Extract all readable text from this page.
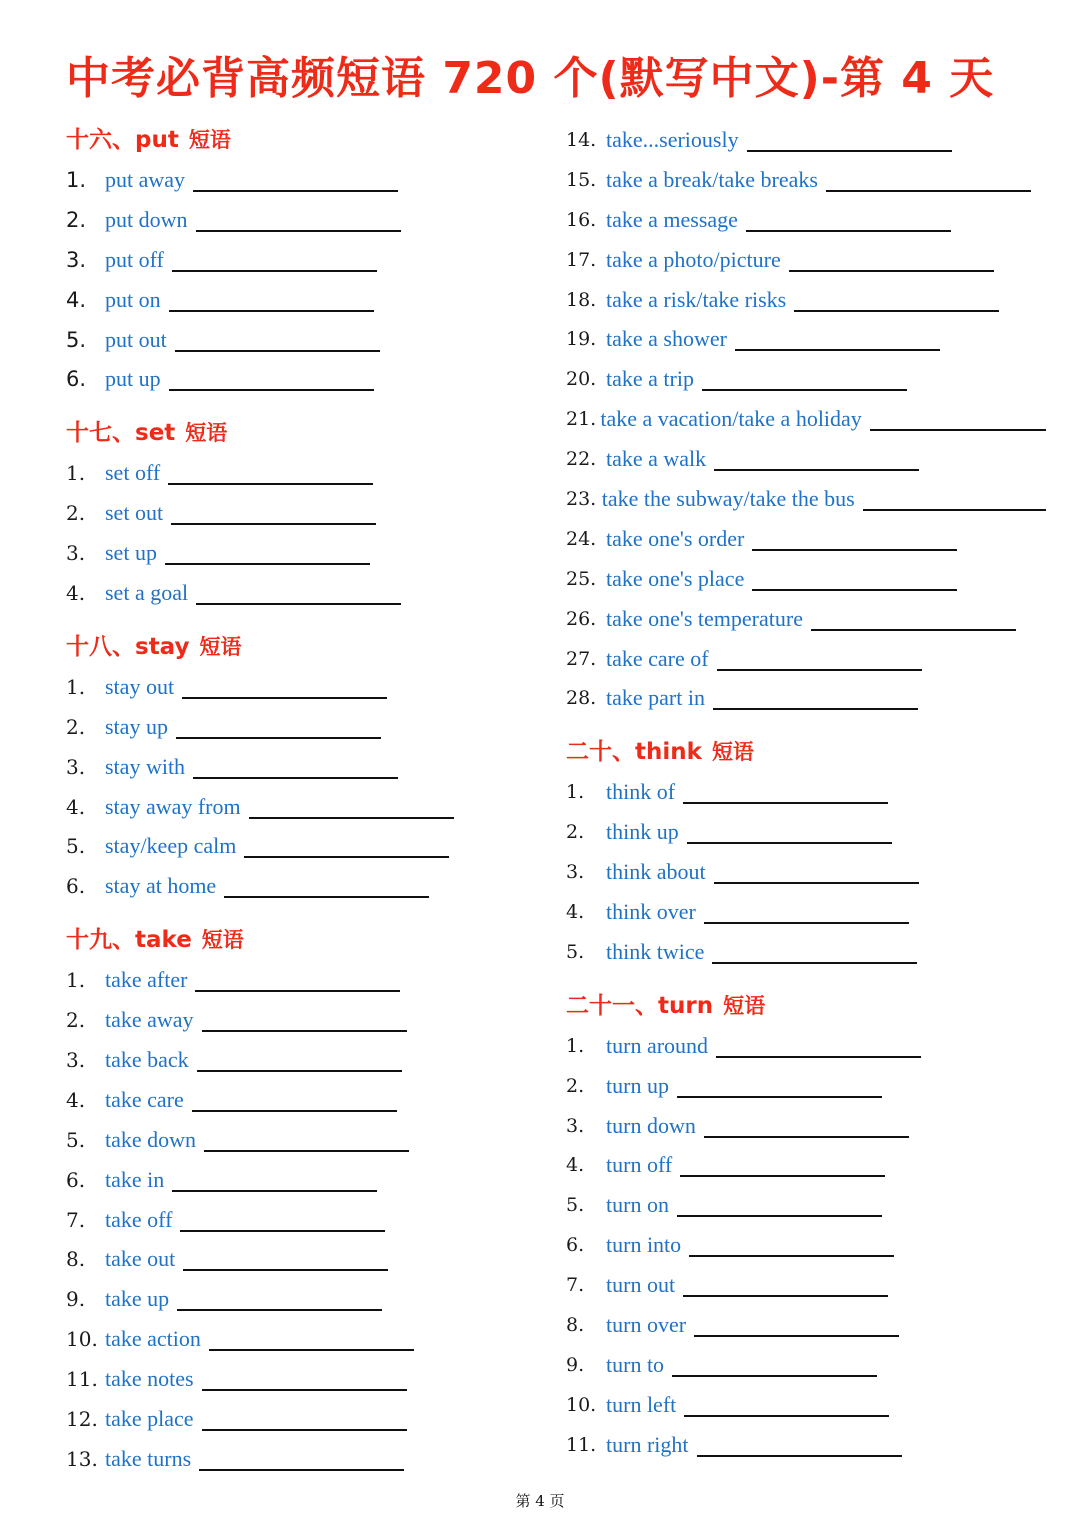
中考必背高频短语 720 个(默写中文)-第 4 天
十六、put 短语
1. put away
2. put down
3. put off
4. put on
5. put out
6. put up
十七、set 短语
1. set off
2. set out
3. set up
4. set a goal
十八、stay 短语
1. stay out
2. stay up
3. stay with
4. stay away from
5. stay/keep calm
6. stay at home
十九、take 短语
1. take after
2. take away
3. take back
4. take care
5. take down
6. take in
7. take off
8. take out
9. take up
10. take action
11. take notes
12. take place
13. take turns
14. take...seriously
15. take a break/take breaks
16. take a message
17. take a photo/picture
18. take a risk/take risks
19. take a shower
20. take a trip
21. take a vacation/take a holiday
22. take a walk
23. take the subway/take the bus
24. take one's order
25. take one's place
26. take one's temperature
27. take care of
28. take part in
二十、think 短语
1. think of
2. think up
3. think about
4. think over
5. think twice
二十一、turn 短语
1. turn around
2. turn up
3. turn down
4. turn off
5. turn on
6. turn into
7. turn out
8. turn over
9. turn to
10. turn left
11. turn right
第 4 页
